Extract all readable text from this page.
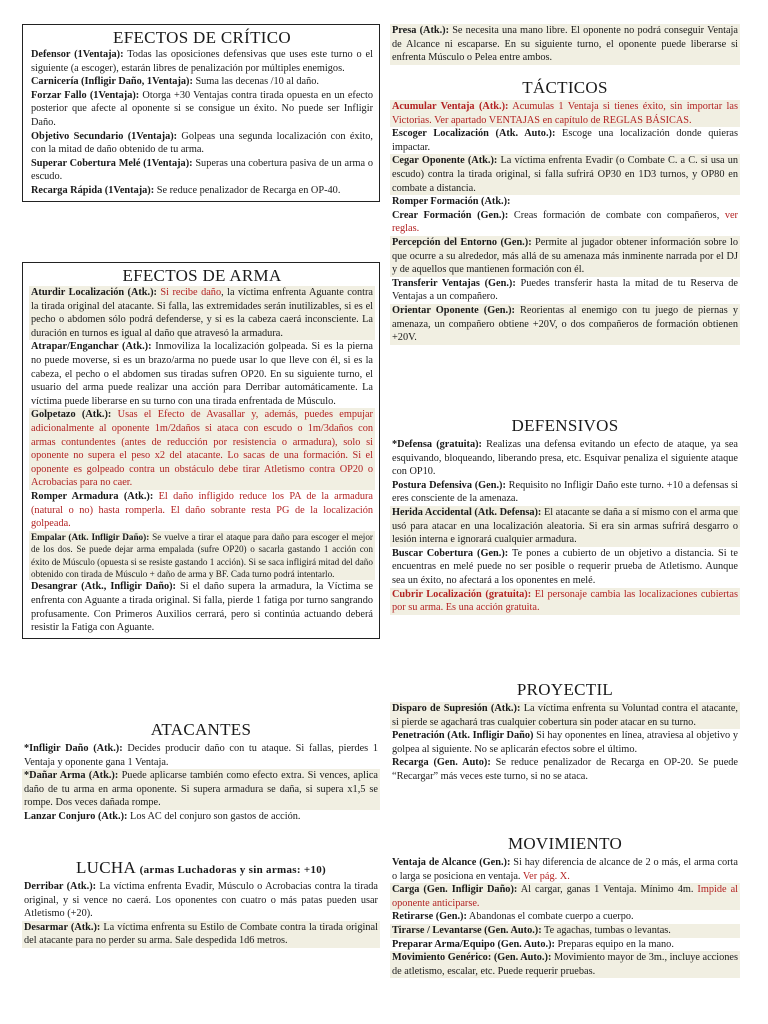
EFECTOS DE CRÍTICO

Defensor (1Ventaja): Todas las oposiciones defensivas que uses este turno o el siguiente (a escoger), estarán libres de penalización por múltiples enemigos.

Carnicería (Infligir Daño, 1Ventaja): Suma las decenas /10 al daño.

Forzar Fallo (1Ventaja): Otorga +30 Ventajas contra tirada opuesta en un efecto posterior que afecte al oponente si se consigue un éxito. No puede ser Infligir Daño.

Objetivo Secundario (1Ventaja): Golpeas una segunda localización con éxito, con la mitad de daño obtenido de tu arma.

Superar Cobertura Melé (1Ventaja): Superas una cobertura pasiva de un arma o escudo.

Recarga Rápida (1Ventaja): Se reduce penalizador de Recarga en OP-40.

EFECTOS DE ARMA

Aturdir Localización (Atk.): Si recibe daño, la víctima enfrenta Aguante contra la tirada original del atacante. Si falla, las extremidades serán inutilizables, si es el pecho o abdomen sólo podrá defenderse, y si es la cabeza caerá inconsciente. La duración en turnos es igual al daño que atravesó la armadura.

Atrapar/Enganchar (Atk.): Inmoviliza la localización golpeada. Si es la pierna no puede moverse, si es un brazo/arma no puede usar lo que lleve con él, si es la cabeza, el pecho o el abdomen sus tiradas sufren OP20. En su siguiente turno, el usuario del arma puede realizar una acción para Derribar automáticamente. La víctima puede liberarse en su turno con una tirada enfrentada de Músculo.

Golpetazo (Atk.): Usas el Efecto de Avasallar y, además, puedes empujar adicionalmente al oponente 1m/2daños si ataca con escudo o 1m/3daños con armas contundentes (antes de reducción por resistencia o armadura), solo si oponente no supera el peso x2 del atacante. Lo sacas de una formación. Si el oponente es golpeado contra un obstáculo debe tirar Atletismo contra OP20 o Acrobacias para no caer.

Romper Armadura (Atk.): El daño infligido reduce los PA de la armadura (natural o no) hasta romperla. El daño sobrante resta PG de la localización golpeada.

Empalar (Atk. Infligir Daño): Se vuelve a tirar el ataque para daño para escoger el mejor de los dos. Se puede dejar arma empalada (sufre OP20) o sacarla gastando 1 acción con éxito de Músculo (opuesta si se resiste gastando 1 acción). Si se saca infligirá mitad del daño obtenido con tirada de Músculo + daño de arma y BF. Cada turno podrá intentarlo.

Desangrar (Atk., Infligir Daño): Si el daño supera la armadura, la Víctima se enfrenta con Aguante a tirada original. Si falla, pierde 1 fatiga por turno sangrando profusamente. Con Primeros Auxilios cerrará, pero si continúa actuando deberá resistir la Fatiga con Aguante.

ATACANTES

*Infligir Daño (Atk.): Decides producir daño con tu ataque. Si fallas, pierdes 1 Ventaja y oponente gana 1 Ventaja.

*Dañar Arma (Atk.): Puede aplicarse también como efecto extra. Si vences, aplica daño de tu arma en arma oponente. Si supera armadura se daña, si supera x1,5 se rompe. Dos veces dañada rompe.

Lanzar Conjuro (Atk.): Los AC del conjuro son gastos de acción.

LUCHA (armas Luchadoras y sin armas: +10)

Derribar (Atk.): La víctima enfrenta Evadir, Músculo o Acrobacias contra la tirada original, y si vence no caerá. Los oponentes con cuatro o más patas pueden usar Atletismo (+20).

Desarmar (Atk.): La víctima enfrenta su Estilo de Combate contra la tirada original del atacante para no perder su arma. Sale despedida 1d6 metros.

Presa (Atk.): Se necesita una mano libre. El oponente no podrá conseguir Ventaja de Alcance ni escaparse. En su siguiente turno, el oponente puede liberarse si enfrenta Músculo o Pelea entre ambos.

TÁCTICOS

Acumular Ventaja (Atk.): Acumulas 1 Ventaja si tienes éxito, sin importar las Victorias. Ver apartado VENTAJAS en capítulo de REGLAS BÁSICAS.

Escoger Localización (Atk. Auto.): Escoge una localización donde quieras impactar.

Cegar Oponente (Atk.): La víctima enfrenta Evadir (o Combate C. a C. si usa un escudo) contra la tirada original, si falla sufrirá OP30 en 1D3 turnos, y OP80 en combate a distancia.

Romper Formación (Atk.):

Crear Formación (Gen.): Creas formación de combate con compañeros, ver reglas.

Percepción del Entorno (Gen.): Permite al jugador obtener información sobre lo que ocurre a su alrededor, más allá de su amenaza más inminente narrada por el DJ y de aquellos que mantienen formación con él.

Transferir Ventajas (Gen.): Puedes transferir hasta la mitad de tu Reserva de Ventajas a un compañero.

Orientar Oponente (Gen.): Reorientas al enemigo con tu juego de piernas y amenaza, un compañero obtiene +20V, o dos compañeros de formación obtienen +20V.

DEFENSIVOS

*Defensa (gratuita): Realizas una defensa evitando un efecto de ataque, ya sea esquivando, bloqueando, liberando presa, etc. Esquivar penaliza el siguiente ataque con OP10.

Postura Defensiva (Gen.): Requisito no Infligir Daño este turno. +10 a defensas si eres consciente de la amenaza.

Herida Accidental (Atk. Defensa): El atacante se daña a sí mismo con el arma que usó para atacar en una localización aleatoria. Si era sin armas sufrirá desgarro o lesión interna e ignorará cualquier armadura.

Buscar Cobertura (Gen.): Te pones a cubierto de un objetivo a distancia. Si te encuentras en melé puede no ser posible o requerir prueba de Atletismo. Aunque sea un éxito, no afectará a los oponentes en melé.

Cubrir Localización (gratuita): El personaje cambia las localizaciones cubiertas por su arma. Es una acción gratuita.

PROYECTIL

Disparo de Supresión (Atk.): La víctima enfrenta su Voluntad contra el atacante, si pierde se agachará tras cualquier cobertura sin poder atacar en su turno.

Penetración (Atk. Infligir Daño) Si hay oponentes en línea, atraviesa al objetivo y golpea al siguiente. No se aplicarán efectos sobre el último.

Recarga (Gen. Auto): Se reduce penalizador de Recarga en OP-20. Se puede “Recargar” más veces este turno, si no se ataca.

MOVIMIENTO

Ventaja de Alcance (Gen.): Si hay diferencia de alcance de 2 o más, el arma corta o larga se posiciona en ventaja. Ver pág. X.

Carga (Gen. Infligir Daño): Al cargar, ganas 1 Ventaja. Mínimo 4m. Impide al oponente anticiparse.

Retirarse (Gen.): Abandonas el combate cuerpo a cuerpo.

Tirarse / Levantarse (Gen. Auto.): Te agachas, tumbas o levantas.

Preparar Arma/Equipo (Gen. Auto.): Preparas equipo en la mano.

Movimiento Genérico: (Gen. Auto.): Movimiento mayor de 3m., incluye acciones de atletismo, escalar, etc. Puede requerir pruebas.
